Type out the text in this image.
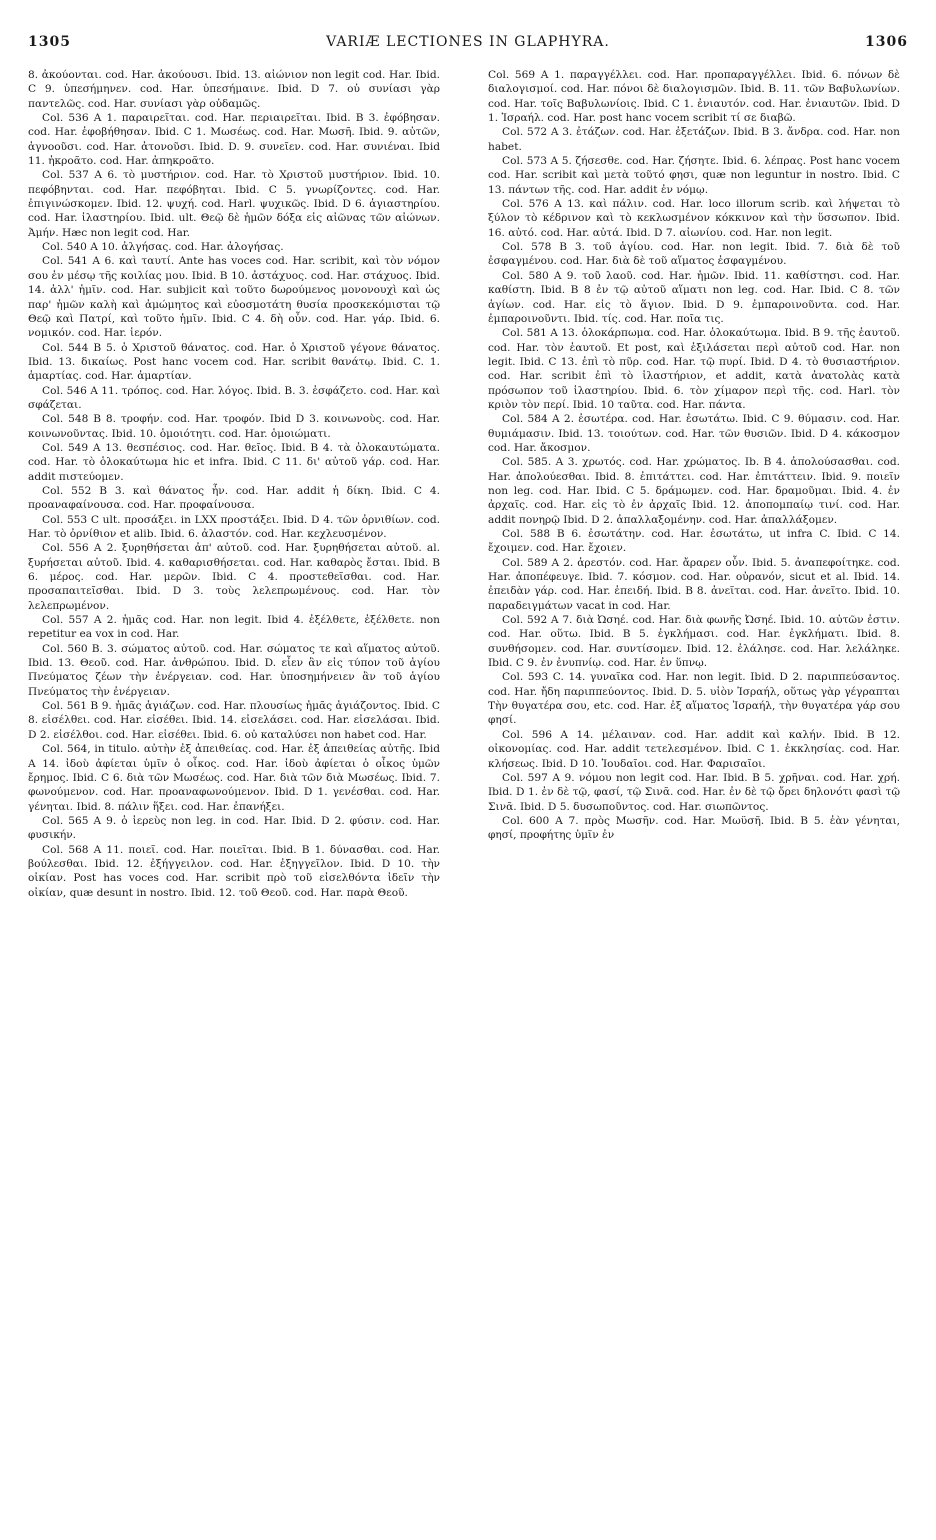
1305	VARIÆ LECTIONES IN GLAPHYRA.	1306

8. ἀκούονται. cod. Har. ἀκούουσι. Ibid. 13. αἰώνιον non legit cod. Har. Ibid. C 9. ὑπεσήμηνεν. cod. Har. ὑπεσήμαινε. Ibid. D 7. οὐ συνίασι γὰρ παντελῶς. cod. Har. συνίασι γὰρ οὐδαμῶς.

Col. 536 A 1. παραιρεῖται. cod. Har. περιαιρεῖται. Ibid. B 3. ἐφόβησαν. cod. Har. ἐφοβήθησαν. Ibid. C 1. Μωσέως. cod. Har. Μωσῆ. Ibid. 9. αὐτῶν, ἀγνοοῦσι. cod. Har. ἀτονοῦσι. Ibid. D. 9. συνεῖεν. cod. Har. συνιέναι. Ibid 11. ἠκροᾶτο. cod. Har. ἀπηκροᾶτο.

Col. 537 A 6. τὸ μυστήριον. cod. Har. τὸ Χριστοῦ μυστήριον. Ibid. 10. πεφόβηνται. cod. Har. πεφόβηται. Ibid. C 5. γνωρίζοντες. cod. Har. ἐπιγινώσκομεν. Ibid. 12. ψυχή. cod. Harl. ψυχικῶς. Ibid. D 6. ἁγιαστηρίου. cod. Har. ἱλαστηρίου. Ibid. ult. Θεῷ δὲ ἡμῶν δόξα εἰς αἰῶνας τῶν αἰώνων. Ἀμήν. Hæc non legit cod. Har.

Col. 540 A 10. ἀλγήσας. cod. Har. ἀλογήσας.

Col. 541 A 6. καὶ ταυτί. Ante has voces cod. Har. scribit, καὶ τὸν νόμον σου ἐν μέσῳ τῆς κοιλίας μου. Ibid. B 10. ἀστάχυος. cod. Har. στάχυος. Ibid. 14. ἀλλ' ἡμῖν. cod. Har. subjicit καὶ τοῦτο δωρούμενος μονονουχὶ καὶ ὡς παρ' ἡμῶν καλὴ καὶ ἀμώμητος καὶ εὐοσμοτάτη θυσία προσκεκόμισται τῷ Θεῷ καὶ Πατρί, καὶ τοῦτο ἡμῖν. Ibid. C 4. δὴ οὖν. cod. Har. γάρ. Ibid. 6. νομικόν. cod. Har. ἱερόν.

Col. 544 B 5. ὁ Χριστοῦ θάνατος. cod. Har. ὁ Χριστοῦ γέγονε θάνατος. Ibid. 13. δικαίως. Post hanc vocem cod. Har. scribit θανάτῳ. Ibid. C. 1. ἁμαρτίας. cod. Har. ἁμαρτίαν.

Col. 546 A 11. τρόπος. cod. Har. λόγος. Ibid. B. 3. ἐσφάζετο. cod. Har. καὶ σφάζεται.

Col. 548 B 8. τροφήν. cod. Har. τροφόν. Ibid D 3. κοινωνοὺς. cod. Har. κοινωνοῦντας. Ibid. 10. ὁμοιότητι. cod. Har. ὁμοιώματι.

Col. 549 A 13. θεσπέσιος. cod. Har. θεῖος. Ibid. B 4. τὰ ὁλοκαυτώματα. cod. Har. τὸ ὁλοκαύτωμα hic et infra. Ibid. C 11. δι' αὐτοῦ γάρ. cod. Har. addit πιστεύομεν.

Col. 552 B 3. καὶ θάνατος ἦν. cod. Har. addit ἡ δίκη. Ibid. C 4. προαναφαίνουσα. cod. Har. προφαίνουσα.

Col. 553 C ult. προσάξει. in LXX προστάξει. Ibid. D 4. τῶν ὀρνιθίων. cod. Har. τὸ ὀρνίθιον et alib. Ibid. 6. ἀλαστόν. cod. Har. κεχλευσμένον.

Col. 556 A 2. ξυρηθήσεται ἀπ' αὐτοῦ. cod. Har. ξυρηθήσεται αὐτοῦ. al. ξυρήσεται αὐτοῦ. Ibid. 4. καθαρισθήσεται. cod. Har. καθαρὸς ἔσται. Ibid. B 6. μέρος. cod. Har. μερῶν. Ibid. C 4. προστεθεῖσθαι. cod. Har. προσαπαιτεῖσθαι. Ibid. D 3. τοὺς λελεπρωμένους. cod. Har. τὸν λελεπρωμένον.

Col. 557 A 2. ἡμᾶς cod. Har. non legit. Ibid 4. ἐξέλθετε, ἐξέλθετε. non repetitur ea vox in cod. Har.

Col. 560 B. 3. σώματος αὐτοῦ. cod. Har. σώματος τε καὶ αἵματος αὐτοῦ. Ibid. 13. Θεοῦ. cod. Har. ἀνθρώπου. Ibid. D. εἶεν ἂν εἰς τύπον τοῦ ἁγίου Πνεύματος ζέων τὴν ἐνέργειαν. cod. Har. ὑποσημήνειεν ἂν τοῦ ἁγίου Πνεύματος τὴν ἐνέργειαν.

Col. 561 B 9. ἡμᾶς ἁγιάζων. cod. Har. πλουσίως ἡμᾶς ἁγιάζοντος. Ibid. C 8. εἰσέλθει. cod. Har. εἰσέθει. Ibid. 14. εἰσελάσει. cod. Har. εἰσελάσαι. Ibid. D 2. εἰσέλθοι. cod. Har. εἰσέθει. Ibid. 6. οὐ καταλύσει non habet cod. Har.

Col. 564, in titulo. αὐτὴν ἐξ ἀπειθείας. cod. Har. ἐξ ἀπειθείας αὐτῆς. Ibid A 14. ἰδοὺ ἀφίεται ὑμῖν ὁ οἶκος. cod. Har. ἰδοὺ ἀφίεται ὁ οἶκος ὑμῶν ἔρημος. Ibid. C 6. διὰ τῶν Μωσέως. cod. Har. διὰ τῶν διὰ Μωσέως. Ibid. 7. φωνούμενον. cod. Har. προαναφωνούμενον. Ibid. D 1. γενέσθαι. cod. Har. γένηται. Ibid. 8. πάλιν ἥξει. cod. Har. ἐπανήξει.

Col. 565 A 9. ὁ ἱερεὺς non leg. in cod. Har. Ibid. D 2. φύσιν. cod. Har. φυσικήν.

Col. 568 A 11. ποιεῖ. cod. Har. ποιεῖται. Ibid. B 1. δύνασθαι. cod. Har. βούλεσθαι. Ibid. 12. ἐξήγγειλον. cod. Har. ἐξηγγεῖλον. Ibid. D 10. τὴν οἰκίαν. Post has voces cod. Har. scribit πρὸ τοῦ εἰσελθόντα ἰδεῖν τὴν οἰκίαν, quæ desunt in nostro. Ibid. 12. τοῦ Θεοῦ. cod. Har. παρὰ Θεοῦ.

Col. 569 A 1. παραγγέλλει. cod. Har. προπαραγγέλλει. Ibid. 6. πόνων δὲ διαλογισμοί. cod. Har. πόνοι δὲ διαλογισμῶν. Ibid. B. 11. τῶν Βαβυλωνίων. cod. Har. τοῖς Βαβυλωνίοις. Ibid. C 1. ἐνιαυτόν. cod. Har. ἐνιαυτῶν. Ibid. D 1. Ἰσραήλ. cod. Har. post hanc vocem scribit τί σε διαβῶ.

Col. 572 A 3. ἐτάζων. cod. Har. ἐξετάζων. Ibid. B 3. ἄνδρα. cod. Har. non habet.

Col. 573 A 5. ζήσεσθε. cod. Har. ζήσητε. Ibid. 6. λέπρας. Post hanc vocem cod. Har. scribit καὶ μετὰ τοῦτό φησι, quæ non leguntur in nostro. Ibid. C 13. πάντων τῆς. cod. Har. addit ἐν νόμῳ.

Col. 576 A 13. καὶ πάλιν. cod. Har. loco illorum scrib. καὶ λήψεται τὸ ξύλον τὸ κέδρινον καὶ τὸ κεκλωσμένον κόκκινον καὶ τὴν ὕσσωπον. Ibid. 16. αὐτό. cod. Har. αὐτά. Ibid. D 7. αἰωνίου. cod. Har. non legit.

Col. 578 B 3. τοῦ ἁγίου. cod. Har. non legit. Ibid. 7. διὰ δὲ τοῦ ἐσφαγμένου. cod. Har. διὰ δὲ τοῦ αἵματος ἐσφαγμένου.

Col. 580 A 9. τοῦ λαοῦ. cod. Har. ἡμῶν. Ibid. 11. καθίστησι. cod. Har. καθίστη. Ibid. B 8 ἐν τῷ αὐτοῦ αἵματι non leg. cod. Har. Ibid. C 8. τῶν ἁγίων. cod. Har. εἰς τὸ ἅγιον. Ibid. D 9. ἐμπαροινοῦντα. cod. Har. ἐμπαροινοῦντι. Ibid. τίς. cod. Har. ποῖα τις.

Col. 581 A 13. ὁλοκάρπωμα. cod. Har. ὁλοκαύτωμα. Ibid. B 9. τῆς ἑαυτοῦ. cod. Har. τὸν ἑαυτοῦ. Et post, καὶ ἐξιλάσεται περὶ αὐτοῦ cod. Har. non legit. Ibid. C 13. ἐπὶ τὸ πῦρ. cod. Har. τῷ πυρί. Ibid. D 4. τὸ θυσιαστήριον. cod. Har. scribit ἐπὶ τὸ ἱλαστήριον, et addit, κατὰ ἀνατολὰς κατὰ πρόσωπον τοῦ ἱλαστηρίου. Ibid. 6. τὸν χίμαρον περὶ τῆς. cod. Harl. τὸν κριὸν τὸν περί. Ibid. 10 ταῦτα. cod. Har. πάντα.

Col. 584 A 2. ἐσωτέρα. cod. Har. ἐσωτάτω. Ibid. C 9. θύμασιν. cod. Har. θυμιάμασιν. Ibid. 13. τοιούτων. cod. Har. τῶν θυσιῶν. Ibid. D 4. κάκοσμον cod. Har. ἄκοσμον.

Col. 585. A 3. χρωτός. cod. Har. χρώματος. Ib. B 4. ἀπολούσασθαι. cod. Har. ἀπολούεσθαι. Ibid. 8. ἐπιτάττει. cod. Har. ἐπιτάττειν. Ibid. 9. ποιεῖν non leg. cod. Har. Ibid. C 5. δράμωμεν. cod. Har. δραμοῦμαι. Ibid. 4. ἐν ἀρχαῖς. cod. Har. εἰς τὸ ἐν ἀρχαῖς Ibid. 12. ἀποπομπαίῳ τινί. cod. Har. addit πονηρῷ Ibid. D 2. ἀπαλλαξομένην. cod. Har. ἀπαλλάξομεν.

Col. 588 B 6. ἐσωτάτην. cod. Har. ἐσωτάτω, ut infra C. Ibid. C 14. ἔχοιμεν. cod. Har. ἔχοιεν.

Col. 589 A 2. ἀρεστόν. cod. Har. ἄραρεν οὖν. Ibid. 5. ἀναπεφοίτηκε. cod. Har. ἀποπέφευγε. Ibid. 7. κόσμον. cod. Har. οὐρανόν, sicut et al. Ibid. 14. ἐπειδὰν γάρ. cod. Har. ἐπειδή. Ibid. B 8. ἀνεῖται. cod. Har. ἀνεῖτο. Ibid. 10. παραδειγμάτων vacat in cod. Har.

Col. 592 A 7. διὰ Ὠσηέ. cod. Har. διὰ φωνῆς Ὠσηέ. Ibid. 10. αὐτῶν ἐστιν. cod. Har. οὕτω. Ibid. B 5. ἐγκλήμασι. cod. Har. ἐγκλήματι. Ibid. 8. συνθήσομεν. cod. Har. συντίσομεν. Ibid. 12. ἐλάλησε. cod. Har. λελάληκε. Ibid. C 9. ἐν ἐνυπνίῳ. cod. Har. ἐν ὕπνῳ.

Col. 593 C. 14. γυναῖκα cod. Har. non legit. Ibid. D 2. παριππεύσαντος. cod. Har. ἤδη παριππεύοντος. Ibid. D. 5. υἱὸν Ἰσραήλ, οὕτως γὰρ γέγραπται Τὴν θυγατέρα σου, etc. cod. Har. ἐξ αἵματος Ἰσραήλ, τὴν θυγατέρα γάρ σου φησί.

Col. 596 A 14. μέλαιναν. cod. Har. addit καὶ καλήν. Ibid. B 12. οἰκονομίας. cod. Har. addit τετελεσμένον. Ibid. C 1. ἐκκλησίας. cod. Har. κλήσεως. Ibid. D 10. Ἰουδαῖοι. cod. Har. Φαρισαῖοι.

Col. 597 A 9. νόμου non legit cod. Har. Ibid. B 5. χρῆναι. cod. Har. χρή. Ibid. D 1. ἐν δὲ τῷ, φασί, τῷ Σινᾶ. cod. Har. ἐν δὲ τῷ ὄρει δηλονότι φασὶ τῷ Σινᾶ. Ibid. D 5. δυσωποῦντος. cod. Har. σιωπῶντος.

Col. 600 A 7. πρὸς Μωσῆν. cod. Har. Μωϋσῆ. Ibid. B 5. ἐὰν γένηται, φησί, προφήτης ὑμῖν ἐν
